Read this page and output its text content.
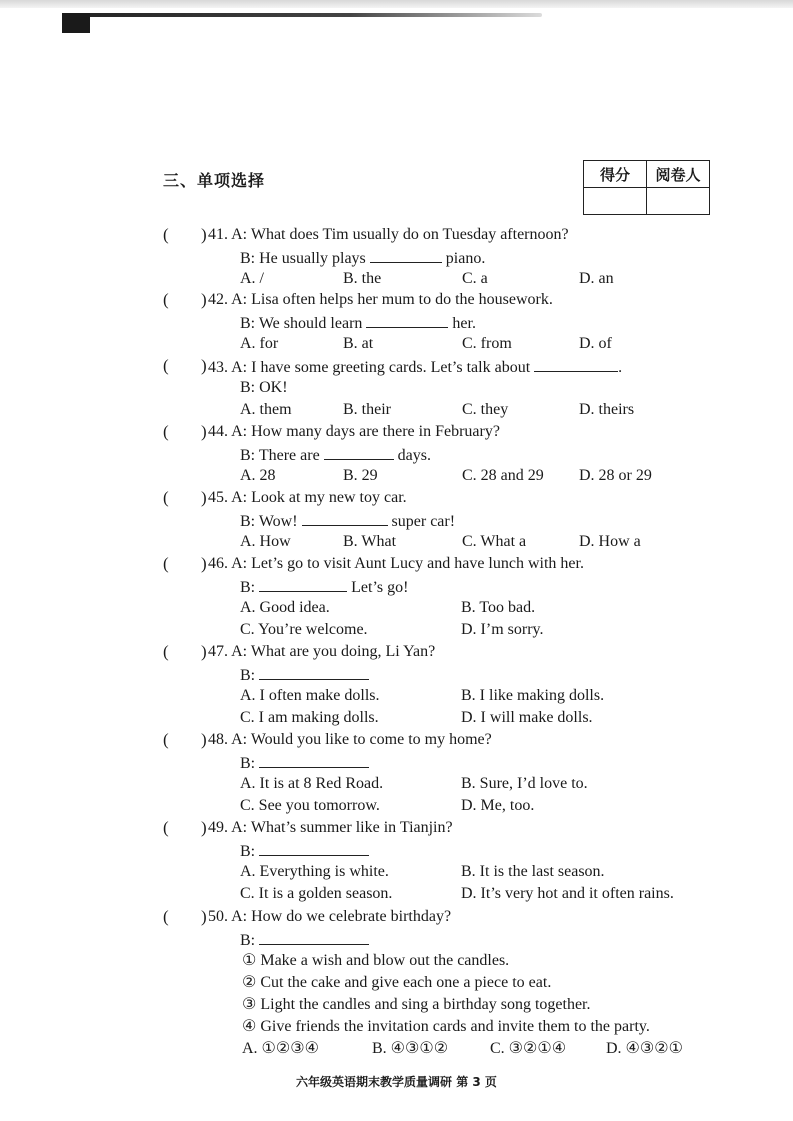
三、单项选择	得分	阅卷人

( ) 41. A: What does Tim usually do on Tuesday afternoon?
B: He usually plays	piano.
A. /	B. the	C. a	D. an
( ) 42. A: Lisa often helps her mum to do the housework.
B: We should learn	her.
A. for	B. at	C. from	D. of
( ) 43. A: I have some greeting cards. Let’s talk about	.
B: OK!
A. them	B. their	C. they	D. theirs
( ) 44. A: How many days are there in February?
B: There are	days.
A. 28	B. 29	C. 28 and 29 D. 28 or 29
( ) 45. A: Look at my new toy car.
B: Wow!	super car!
A. How	B. What	C. What a	D. How a
( ) 46. A: Let’s go to visit Aunt Lucy and have lunch with her.
B:	Let’s go!
A. Good idea.	B. Too bad.
C. You’re welcome.	D. I’m sorry.
( ) 47. A: What are you doing, Li Yan?
B:
A. I often make dolls.	B. I like making dolls.
C. I am making dolls.	D. I will make dolls.
( ) 48. A: Would you like to come to my home?
B:
A. It is at 8 Red Road.	B. Sure, I’d love to.
C. See you tomorrow.	D. Me, too.
( ) 49. A: What’s summer like in Tianjin?
B:
A. Everything is white.	B. It is the last season.
C. It is a golden season.	D. It’s very hot and it often rains.
( ) 50. A: How do we celebrate birthday?
B:
① Make a wish and blow out the candles.
② Cut the cake and give each one a piece to eat.
③ Light the candles and sing a birthday song together.
④ Give friends the invitation cards and invite them to the party.
A. ①②③④	B. ④③①②	C. ③②①④ D. ④③②①
六年级英语期末教学质量调研 第 3 页
